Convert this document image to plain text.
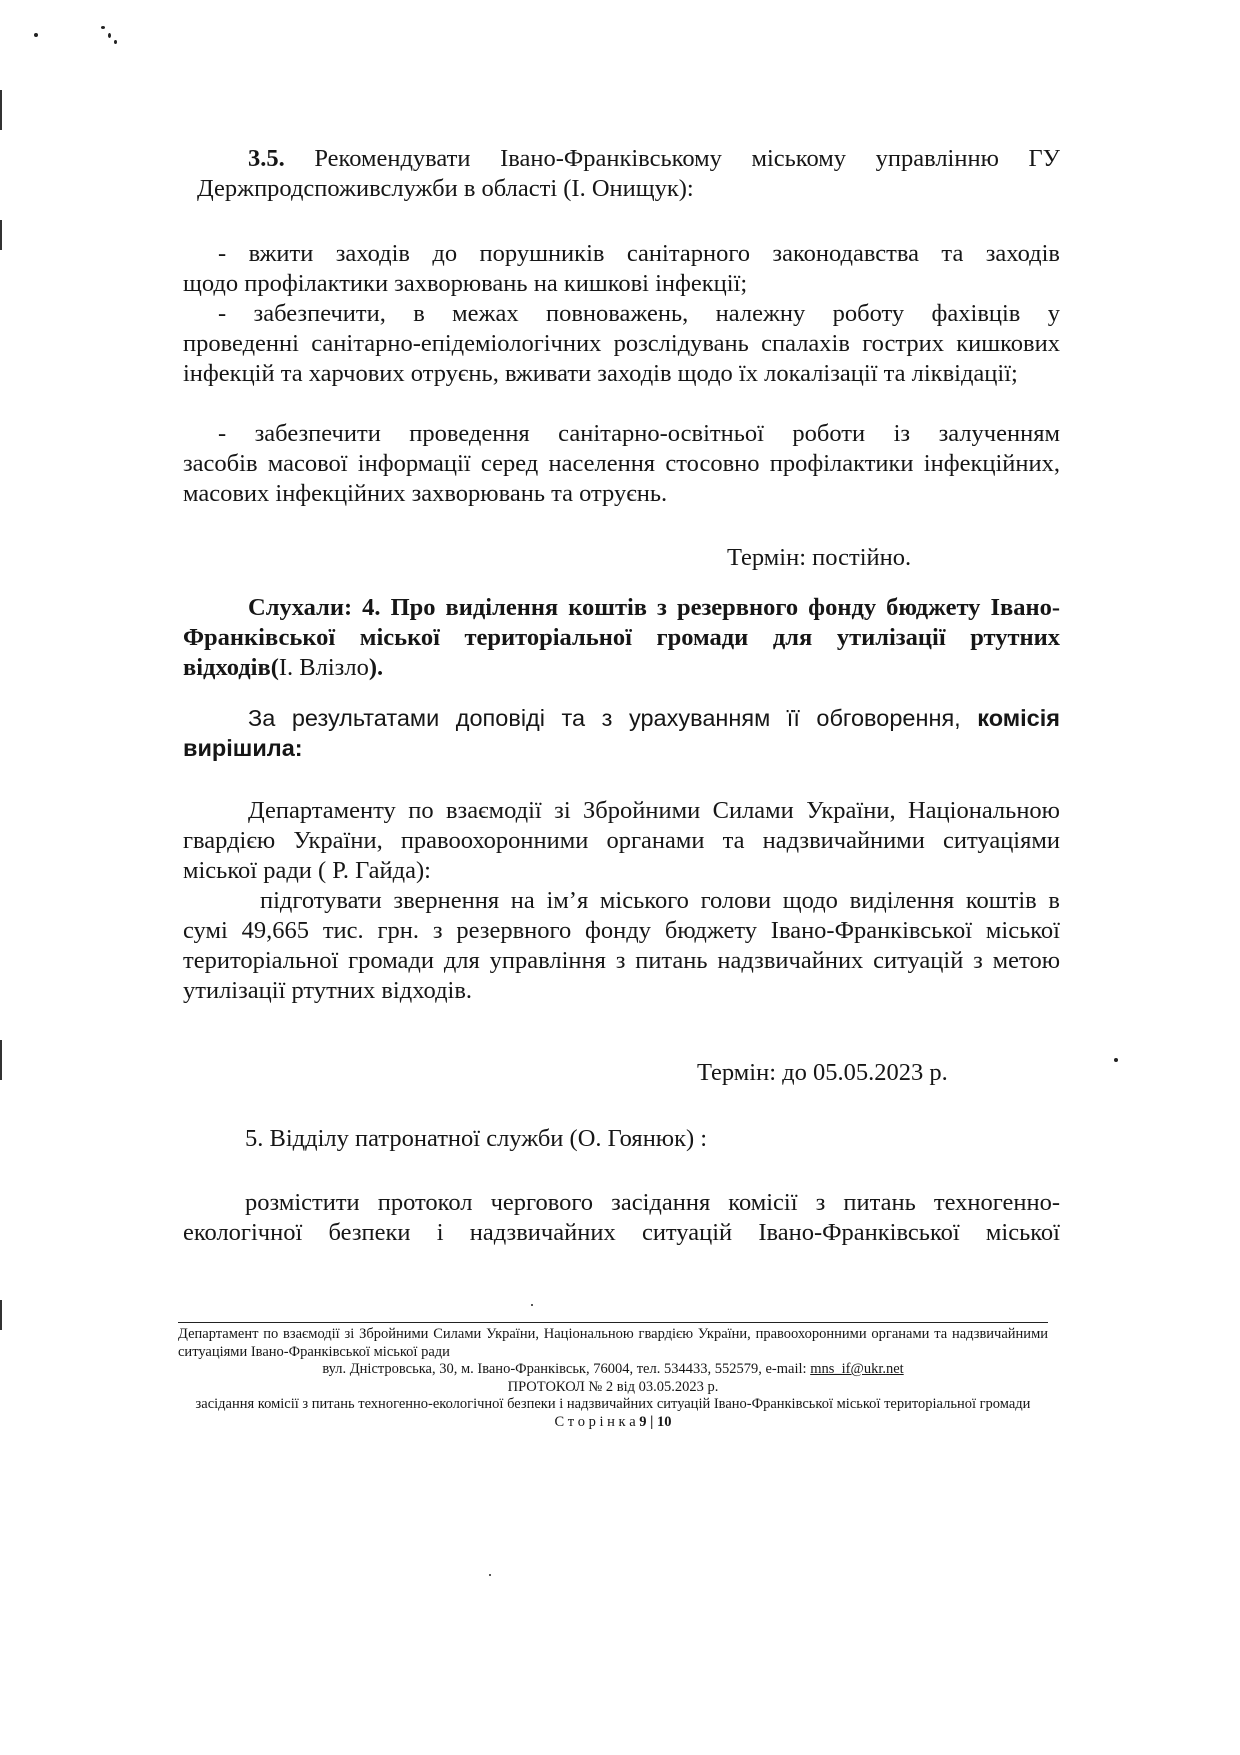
3.5. Рекомендувати Івано-Франківському міському управлінню ГУ
Держпродспоживслужби в області (І. Онищук):
- вжити заходів до порушників санітарного законодавства та заходів
щодо профілактики захворювань на кишкові інфекції;
- забезпечити, в межах повноважень, належну роботу фахівців у
проведенні санітарно-епідеміологічних розслідувань спалахів гострих кишкових інфекцій та харчових отруєнь, вживати заходів щодо їх локалізації та ліквідації;
- забезпечити проведення санітарно-освітньої роботи із залученням
засобів масової інформації серед населення стосовно профілактики інфекційних, масових інфекційних захворювань та отруєнь.
Термін: постійно.
Слухали: 4. Про виділення коштів з резервного фонду бюджету Івано-Франківської міської територіальної громади для утилізації ртутних відходів(І. Влізло).
За результатами доповіді та з урахуванням її обговорення, комісія вирішила:
Департаменту по взаємодії зі Збройними Силами України, Національною гвардією України, правоохоронними органами та надзвичайними ситуаціями міської ради ( Р. Гайда):
підготувати звернення на ім’я міського голови щодо виділення коштів в сумі 49,665 тис. грн. з резервного фонду бюджету Івано-Франківської міської територіальної громади для управління з питань надзвичайних ситуацій з метою утилізації ртутних відходів.
Термін: до 05.05.2023 р.
5. Відділу патронатної служби (О. Гоянюк) :
розмістити протокол чергового засідання комісії з питань техногенно-
екологічної безпеки і надзвичайних ситуацій Івано-Франківської міської
Департамент по взаємодії зі Збройними Силами України, Національною гвардією України, правоохоронними органами та надзвичайними ситуаціями Івано-Франківської міської ради
вул. Дністровська, 30, м. Івано-Франківськ, 76004, тел. 534433, 552579, e-mail: mns_if@ukr.net
ПРОТОКОЛ № 2 від 03.05.2023 р.
засідання комісії з питань техногенно-екологічної безпеки і надзвичайних ситуацій Івано-Франківської міської територіальної громади
С т о р і н к а 9 | 10
